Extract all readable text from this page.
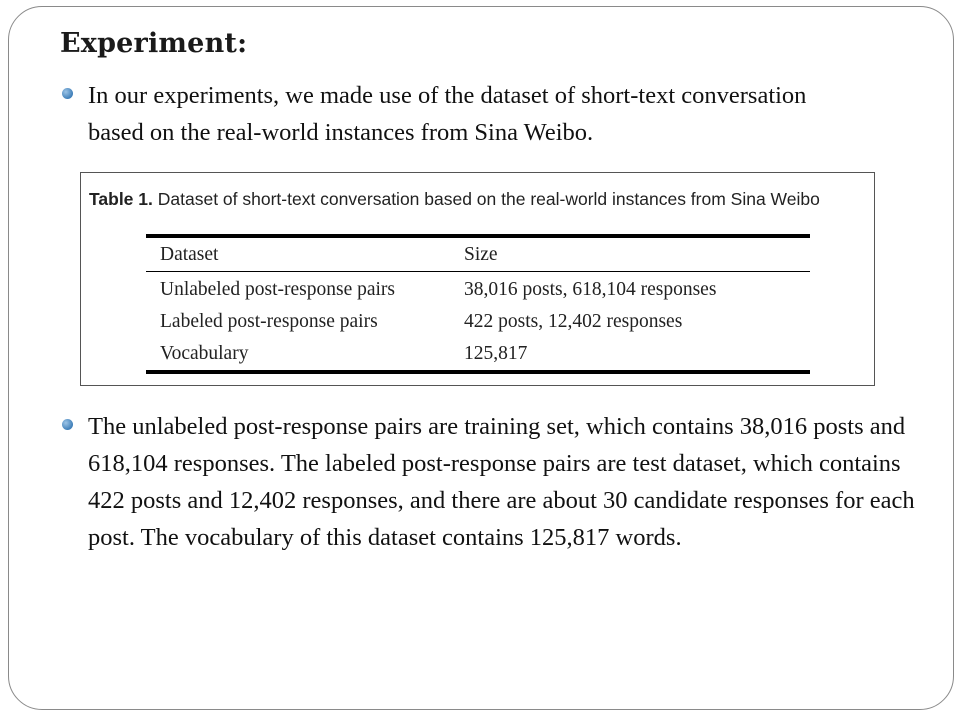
Experiment:
In our experiments, we made use of the dataset of short-text conversation based on the real-world instances from Sina Weibo.
Table 1. Dataset of short-text conversation based on the real-world instances from Sina Weibo
Dataset	Size
Unlabeled post-response pairs	38,016 posts, 618,104 responses
Labeled post-response pairs	422 posts, 12,402 responses
Vocabulary	125,817
The unlabeled post-response pairs are training set, which contains 38,016 posts and 618,104 responses. The labeled post-response pairs are test dataset, which contains 422 posts and 12,402 responses, and there are about 30 candidate responses for each post. The vocabulary of this dataset contains 125,817 words.
